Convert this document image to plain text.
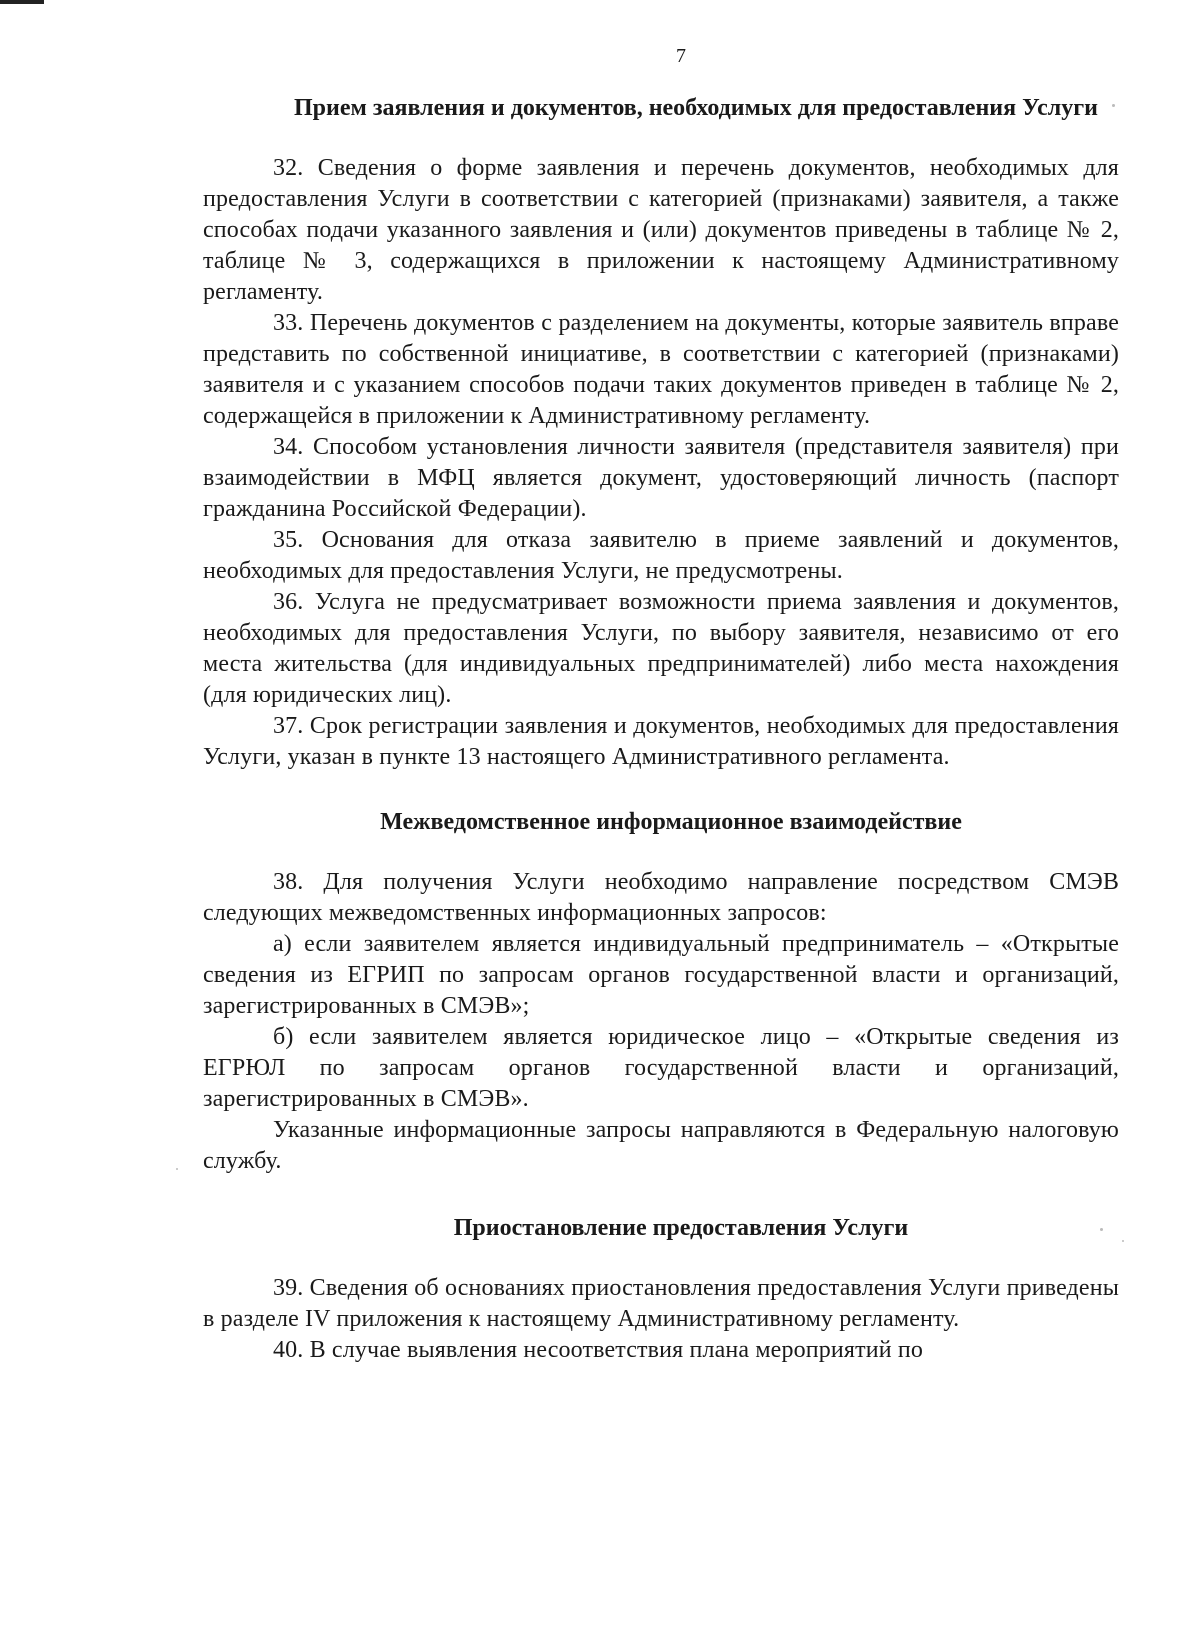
7
Прием заявления и документов, необходимых для предоставления Услуги

32. Сведения о форме заявления и перечень документов, необходимых для предоставления Услуги в соответствии с категорией (признаками) заявителя, а также способах подачи указанного заявления и (или) документов приведены в таблице № 2, таблице № 3, содержащихся в приложении к настоящему Административному регламенту.

33. Перечень документов с разделением на документы, которые заявитель вправе представить по собственной инициативе, в соответствии с категорией (признаками) заявителя и с указанием способов подачи таких документов приведен в таблице № 2, содержащейся в приложении к Административному регламенту.

34. Способом установления личности заявителя (представителя заявителя) при взаимодействии в МФЦ является документ, удостоверяющий личность (паспорт гражданина Российской Федерации).

35. Основания для отказа заявителю в приеме заявлений и документов, необходимых для предоставления Услуги, не предусмотрены.

36. Услуга не предусматривает возможности приема заявления и документов, необходимых для предоставления Услуги, по выбору заявителя, независимо от его места жительства (для индивидуальных предпринимателей) либо места нахождения (для юридических лиц).

37. Срок регистрации заявления и документов, необходимых для предоставления Услуги, указан в пункте 13 настоящего Административного регламента.

Межведомственное информационное взаимодействие

38. Для получения Услуги необходимо направление посредством СМЭВ следующих межведомственных информационных запросов:

а) если заявителем является индивидуальный предприниматель – «Открытые сведения из ЕГРИП по запросам органов государственной власти и организаций, зарегистрированных в СМЭВ»;

б) если заявителем является юридическое лицо – «Открытые сведения из ЕГРЮЛ по запросам органов государственной власти и организаций, зарегистрированных в СМЭВ».

Указанные информационные запросы направляются в Федеральную налоговую службу.

Приостановление предоставления Услуги

39. Сведения об основаниях приостановления предоставления Услуги приведены в разделе IV приложения к настоящему Административному регламенту.

40. В случае выявления несоответствия плана мероприятий по
